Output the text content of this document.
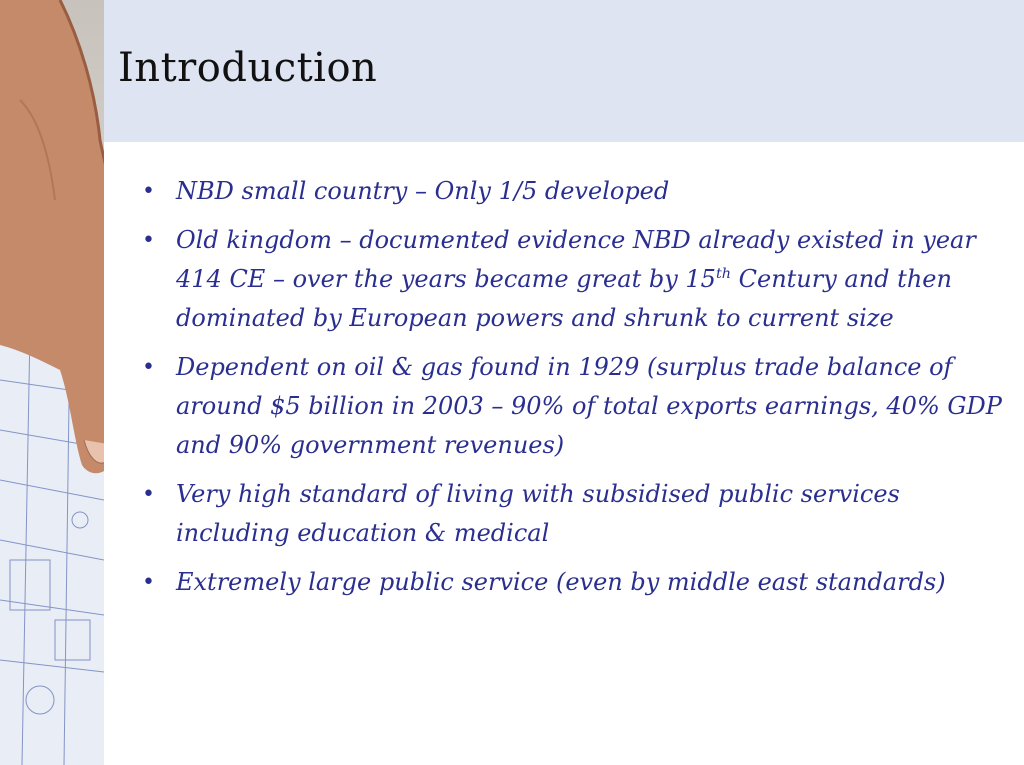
Introduction
• NBD small country – Only 1/5 developed
• Old kingdom – documented evidence NBD already existed in year 414 CE – over the years became great by 15th Century and then dominated by European powers and shrunk to current size
• Dependent on oil & gas found in 1929 (surplus trade balance of around $5 billion in 2003 – 90% of total exports earnings, 40% GDP and 90% government revenues)
• Very high standard of living with subsidised public services including education & medical
• Extremely large public service (even by middle east standards)
